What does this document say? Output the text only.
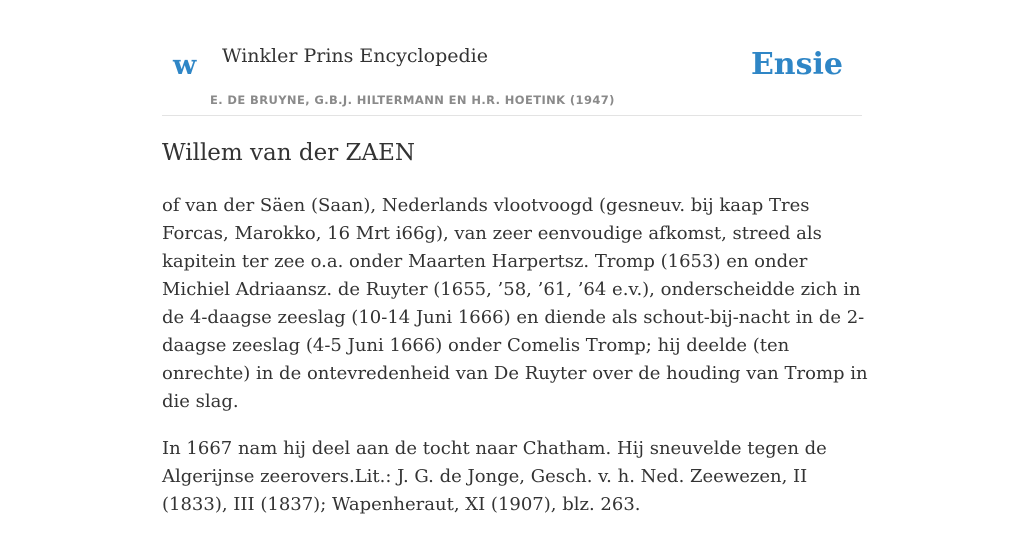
w Winkler Prins Encyclopedie
E. DE BRUYNE, G.B.J. HILTERMANN EN H.R. HOETINK (1947)
Ensie
Willem van der ZAEN

of van der Säen (Saan), Nederlands vlootvoogd (gesneuv. bij kaap Tres Forcas, Marokko, 16 Mrt i66g), van zeer eenvoudige afkomst, streed als kapitein ter zee o.a. onder Maarten Harpertsz. Tromp (1653) en onder Michiel Adriaansz. de Ruyter (1655, ’58, ’61, ’64 e.v.), onderscheidde zich in de 4-daagse zeeslag (10-14 Juni 1666) en diende als schout-bij-nacht in de 2-daagse zeeslag (4-5 Juni 1666) onder Comelis Tromp; hij deelde (ten onrechte) in de ontevredenheid van De Ruyter over de houding van Tromp in die slag.

In 1667 nam hij deel aan de tocht naar Chatham. Hij sneuvelde tegen de Algerijnse zeerovers.Lit.: J. G. de Jonge, Gesch. v. h. Ned. Zeewezen, II (1833), III (1837); Wapenheraut, XI (1907), blz. 263.
